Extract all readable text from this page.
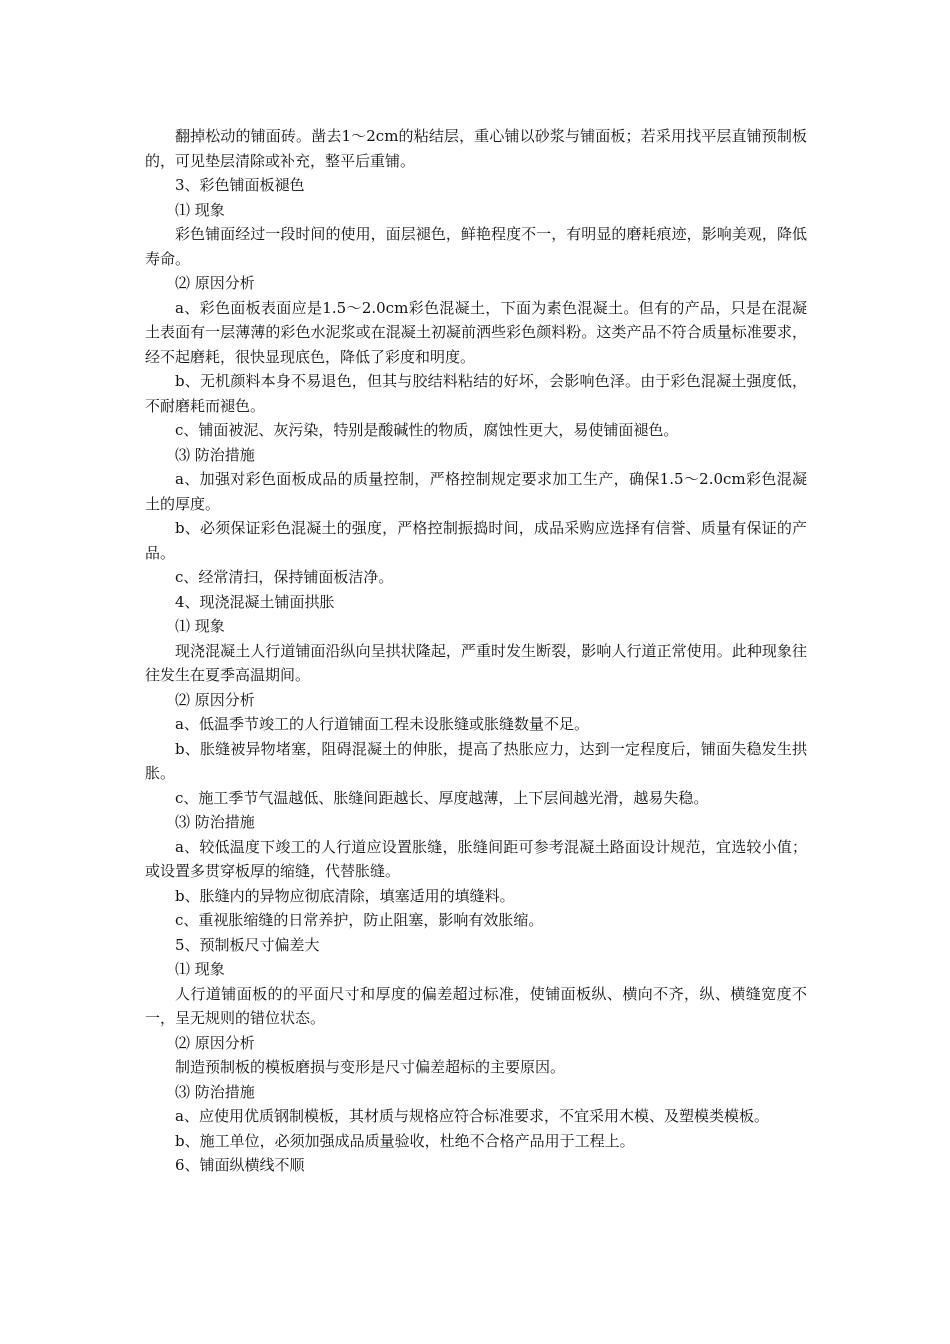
翻掉松动的铺面砖。凿去1～2cm的粘结层，重心铺以砂浆与铺面板；若采用找平层直铺预制板的，可见垫层清除或补充，整平后重铺。

3、彩色铺面板褪色

⑴ 现象

彩色铺面经过一段时间的使用，面层褪色，鲜艳程度不一，有明显的磨耗痕迹，影响美观，降低寿命。

⑵ 原因分析

a、彩色面板表面应是1.5～2.0cm彩色混凝土，下面为素色混凝土。但有的产品，只是在混凝土表面有一层薄薄的彩色水泥浆或在混凝土初凝前洒些彩色颜料粉。这类产品不符合质量标准要求，经不起磨耗，很快显现底色，降低了彩度和明度。

b、无机颜料本身不易退色，但其与胶结料粘结的好坏，会影响色泽。由于彩色混凝土强度低，不耐磨耗而褪色。

c、铺面被泥、灰污染，特别是酸碱性的物质，腐蚀性更大，易使铺面褪色。

⑶ 防治措施

a、加强对彩色面板成品的质量控制，严格控制规定要求加工生产，确保1.5～2.0cm彩色混凝土的厚度。

b、必须保证彩色混凝土的强度，严格控制振捣时间，成品采购应选择有信誉、质量有保证的产品。

c、经常清扫，保持铺面板洁净。

4、现浇混凝土铺面拱胀

⑴ 现象

现浇混凝土人行道铺面沿纵向呈拱状隆起，严重时发生断裂，影响人行道正常使用。此种现象往往发生在夏季高温期间。

⑵ 原因分析

a、低温季节竣工的人行道铺面工程未设胀缝或胀缝数量不足。

b、胀缝被异物堵塞，阻碍混凝土的伸胀，提高了热胀应力，达到一定程度后，铺面失稳发生拱胀。

c、施工季节气温越低、胀缝间距越长、厚度越薄，上下层间越光滑，越易失稳。

⑶ 防治措施

a、较低温度下竣工的人行道应设置胀缝，胀缝间距可参考混凝土路面设计规范，宜选较小值；或设置多贯穿板厚的缩缝，代替胀缝。

b、胀缝内的异物应彻底清除，填塞适用的填缝料。

c、重视胀缩缝的日常养护，防止阻塞，影响有效胀缩。

5、预制板尺寸偏差大

⑴ 现象

人行道铺面板的的平面尺寸和厚度的偏差超过标准，使铺面板纵、横向不齐，纵、横缝宽度不一，呈无规则的错位状态。

⑵ 原因分析

制造预制板的模板磨损与变形是尺寸偏差超标的主要原因。

⑶ 防治措施

a、应使用优质钢制模板，其材质与规格应符合标准要求，不宜采用木模、及塑模类模板。

b、施工单位，必须加强成品质量验收，杜绝不合格产品用于工程上。

6、铺面纵横线不顺
